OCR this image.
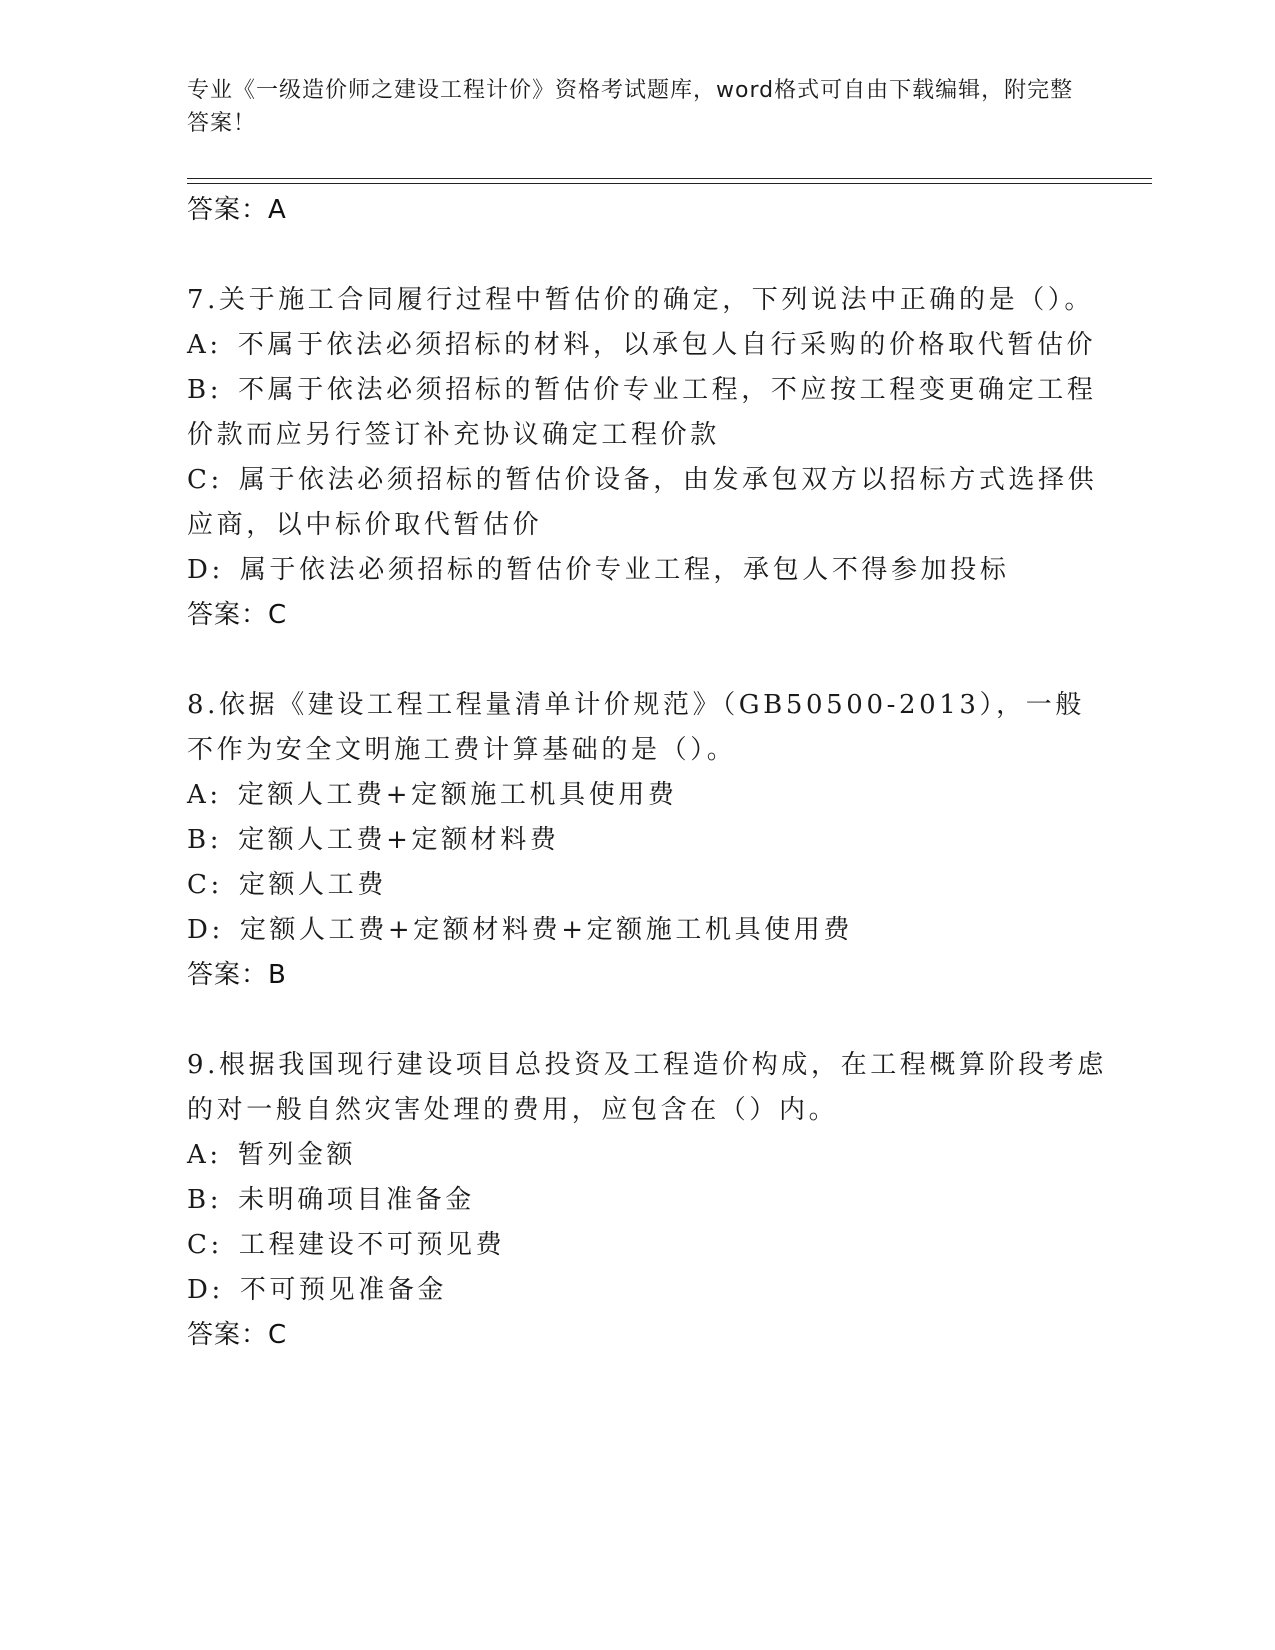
专业《一级造价师之建设工程计价》资格考试题库，word格式可自由下载编辑，附完整答案！
答案：A

7.关于施工合同履行过程中暂估价的确定，下列说法中正确的是（）。

A: 不属于依法必须招标的材料，以承包人自行采购的价格取代暂估价
B: 不属于依法必须招标的暂估价专业工程，不应按工程变更确定工程价款而应另行签订补充协议确定工程价款
C: 属于依法必须招标的暂估价设备，由发承包双方以招标方式选择供应商，以中标价取代暂估价
D: 属于依法必须招标的暂估价专业工程，承包人不得参加投标
答案：C

8.依据《建设工程工程量清单计价规范》（GB50500-2013），一般不作为安全文明施工费计算基础的是（）。

A: 定额人工费+定额施工机具使用费
B: 定额人工费+定额材料费
C: 定额人工费
D: 定额人工费+定额材料费+定额施工机具使用费
答案：B

9.根据我国现行建设项目总投资及工程造价构成，在工程概算阶段考虑的对一般自然灾害处理的费用，应包含在（）内。

A: 暂列金额
B: 未明确项目准备金
C: 工程建设不可预见费
D: 不可预见准备金
答案：C
